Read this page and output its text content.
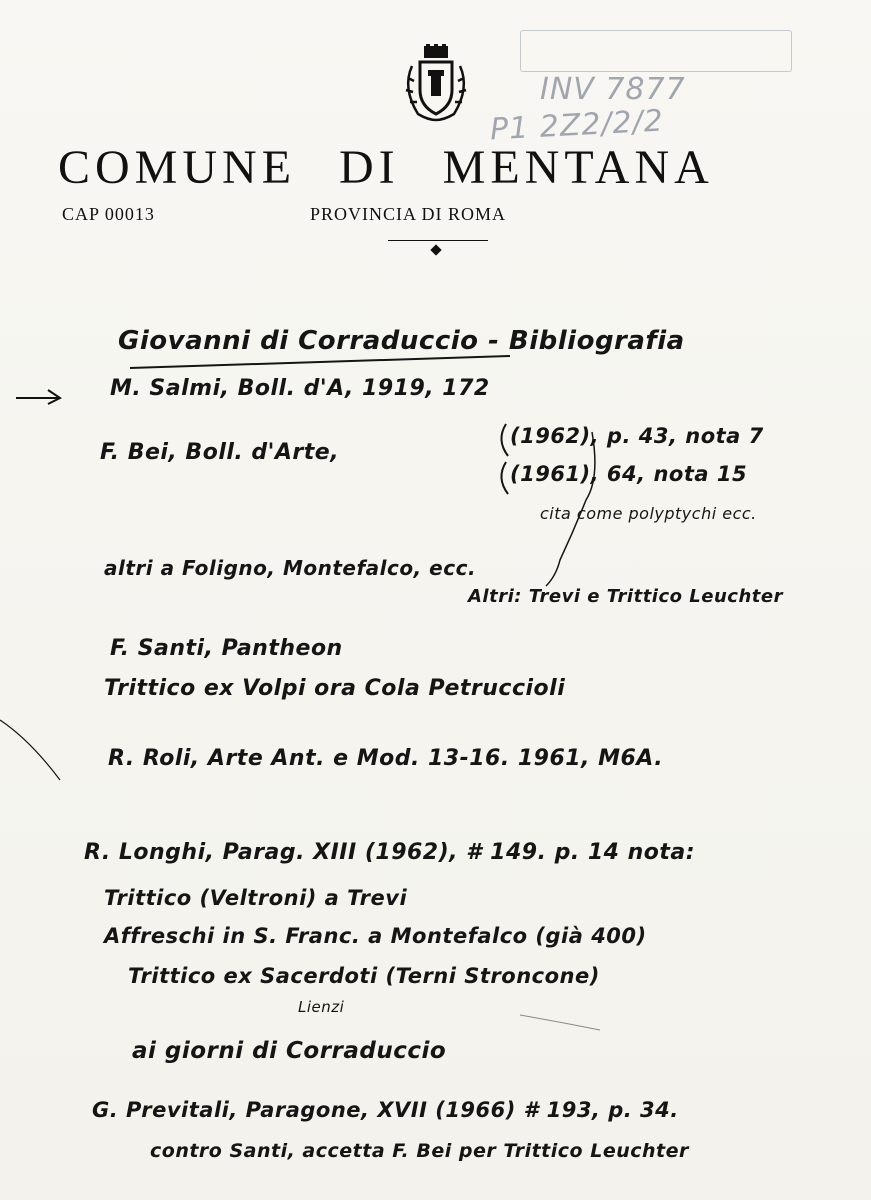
INV 7877
P1 2Z2/2/2
COMUNE DI MENTANA
CAP 00013	PROVINCIA DI ROMA
Giovanni di Corraduccio - Bibliografia
M. Salmi, Boll. d'A, 1919, 172
F. Bei, Boll. d'Arte,
(1962), p. 43, nota 7
(1961), 64, nota 15
cita come polyptychi ecc.
altri a Foligno, Montefalco, ecc.
Altri: Trevi e Trittico Leuchter
F. Santi, Pantheon
Trittico ex Volpi ora Cola Petruccioli
R. Roli, Arte Ant. e Mod. 13-16. 1961, M6A.
R. Longhi, Parag. XIII (1962), # 149. p. 14 nota:
Trittico (Veltroni) a Trevi
Affreschi in S. Franc. a Montefalco (già 400)
Trittico ex Sacerdoti (Terni Stroncone)
Lienzi
ai giorni di Corraduccio
G. Previtali, Paragone, XVII (1966) # 193, p. 34.
contro Santi, accetta F. Bei per Trittico Leuchter
